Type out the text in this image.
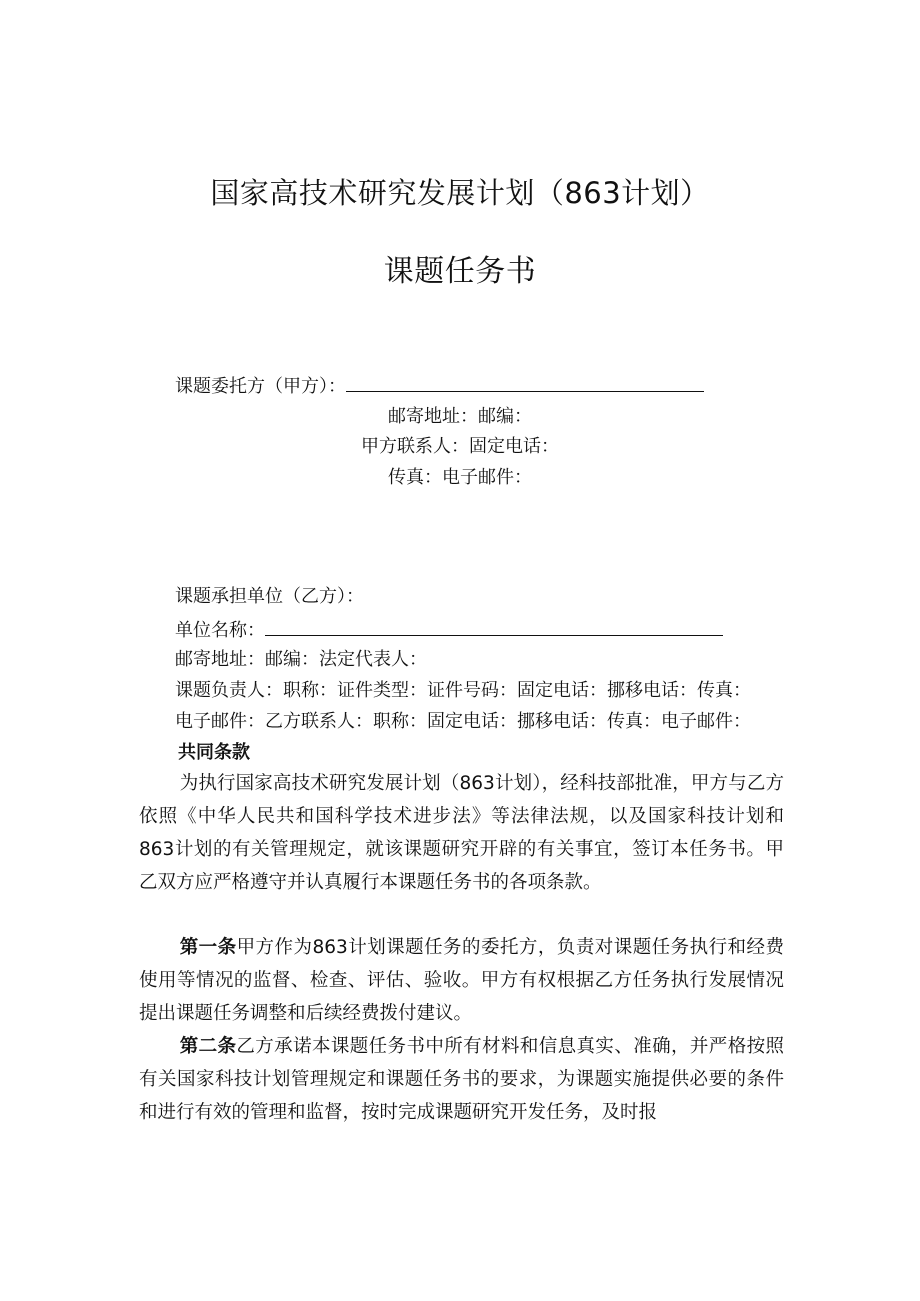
国家高技术研究发展计划（863计划）
课题任务书
课题委托方（甲方）：
邮寄地址：邮编：
甲方联系人：固定电话：
传真：电子邮件：
课题承担单位（乙方）：
单位名称：
邮寄地址：邮编：法定代表人：
课题负责人：职称：证件类型：证件号码：固定电话：挪移电话：传真：
电子邮件：乙方联系人：职称：固定电话：挪移电话：传真：电子邮件：
共同条款
为执行国家高技术研究发展计划（863计划），经科技部批准，甲方与乙方依照《中华人民共和国科学技术进步法》等法律法规，以及国家科技计划和863计划的有关管理规定，就该课题研究开辟的有关事宜，签订本任务书。甲乙双方应严格遵守并认真履行本课题任务书的各项条款。
第一条甲方作为863计划课题任务的委托方，负责对课题任务执行和经费使用等情况的监督、检查、评估、验收。甲方有权根据乙方任务执行发展情况提出课题任务调整和后续经费拨付建议。
第二条乙方承诺本课题任务书中所有材料和信息真实、准确，并严格按照有关国家科技计划管理规定和课题任务书的要求，为课题实施提供必要的条件和进行有效的管理和监督，按时完成课题研究开发任务，及时报
